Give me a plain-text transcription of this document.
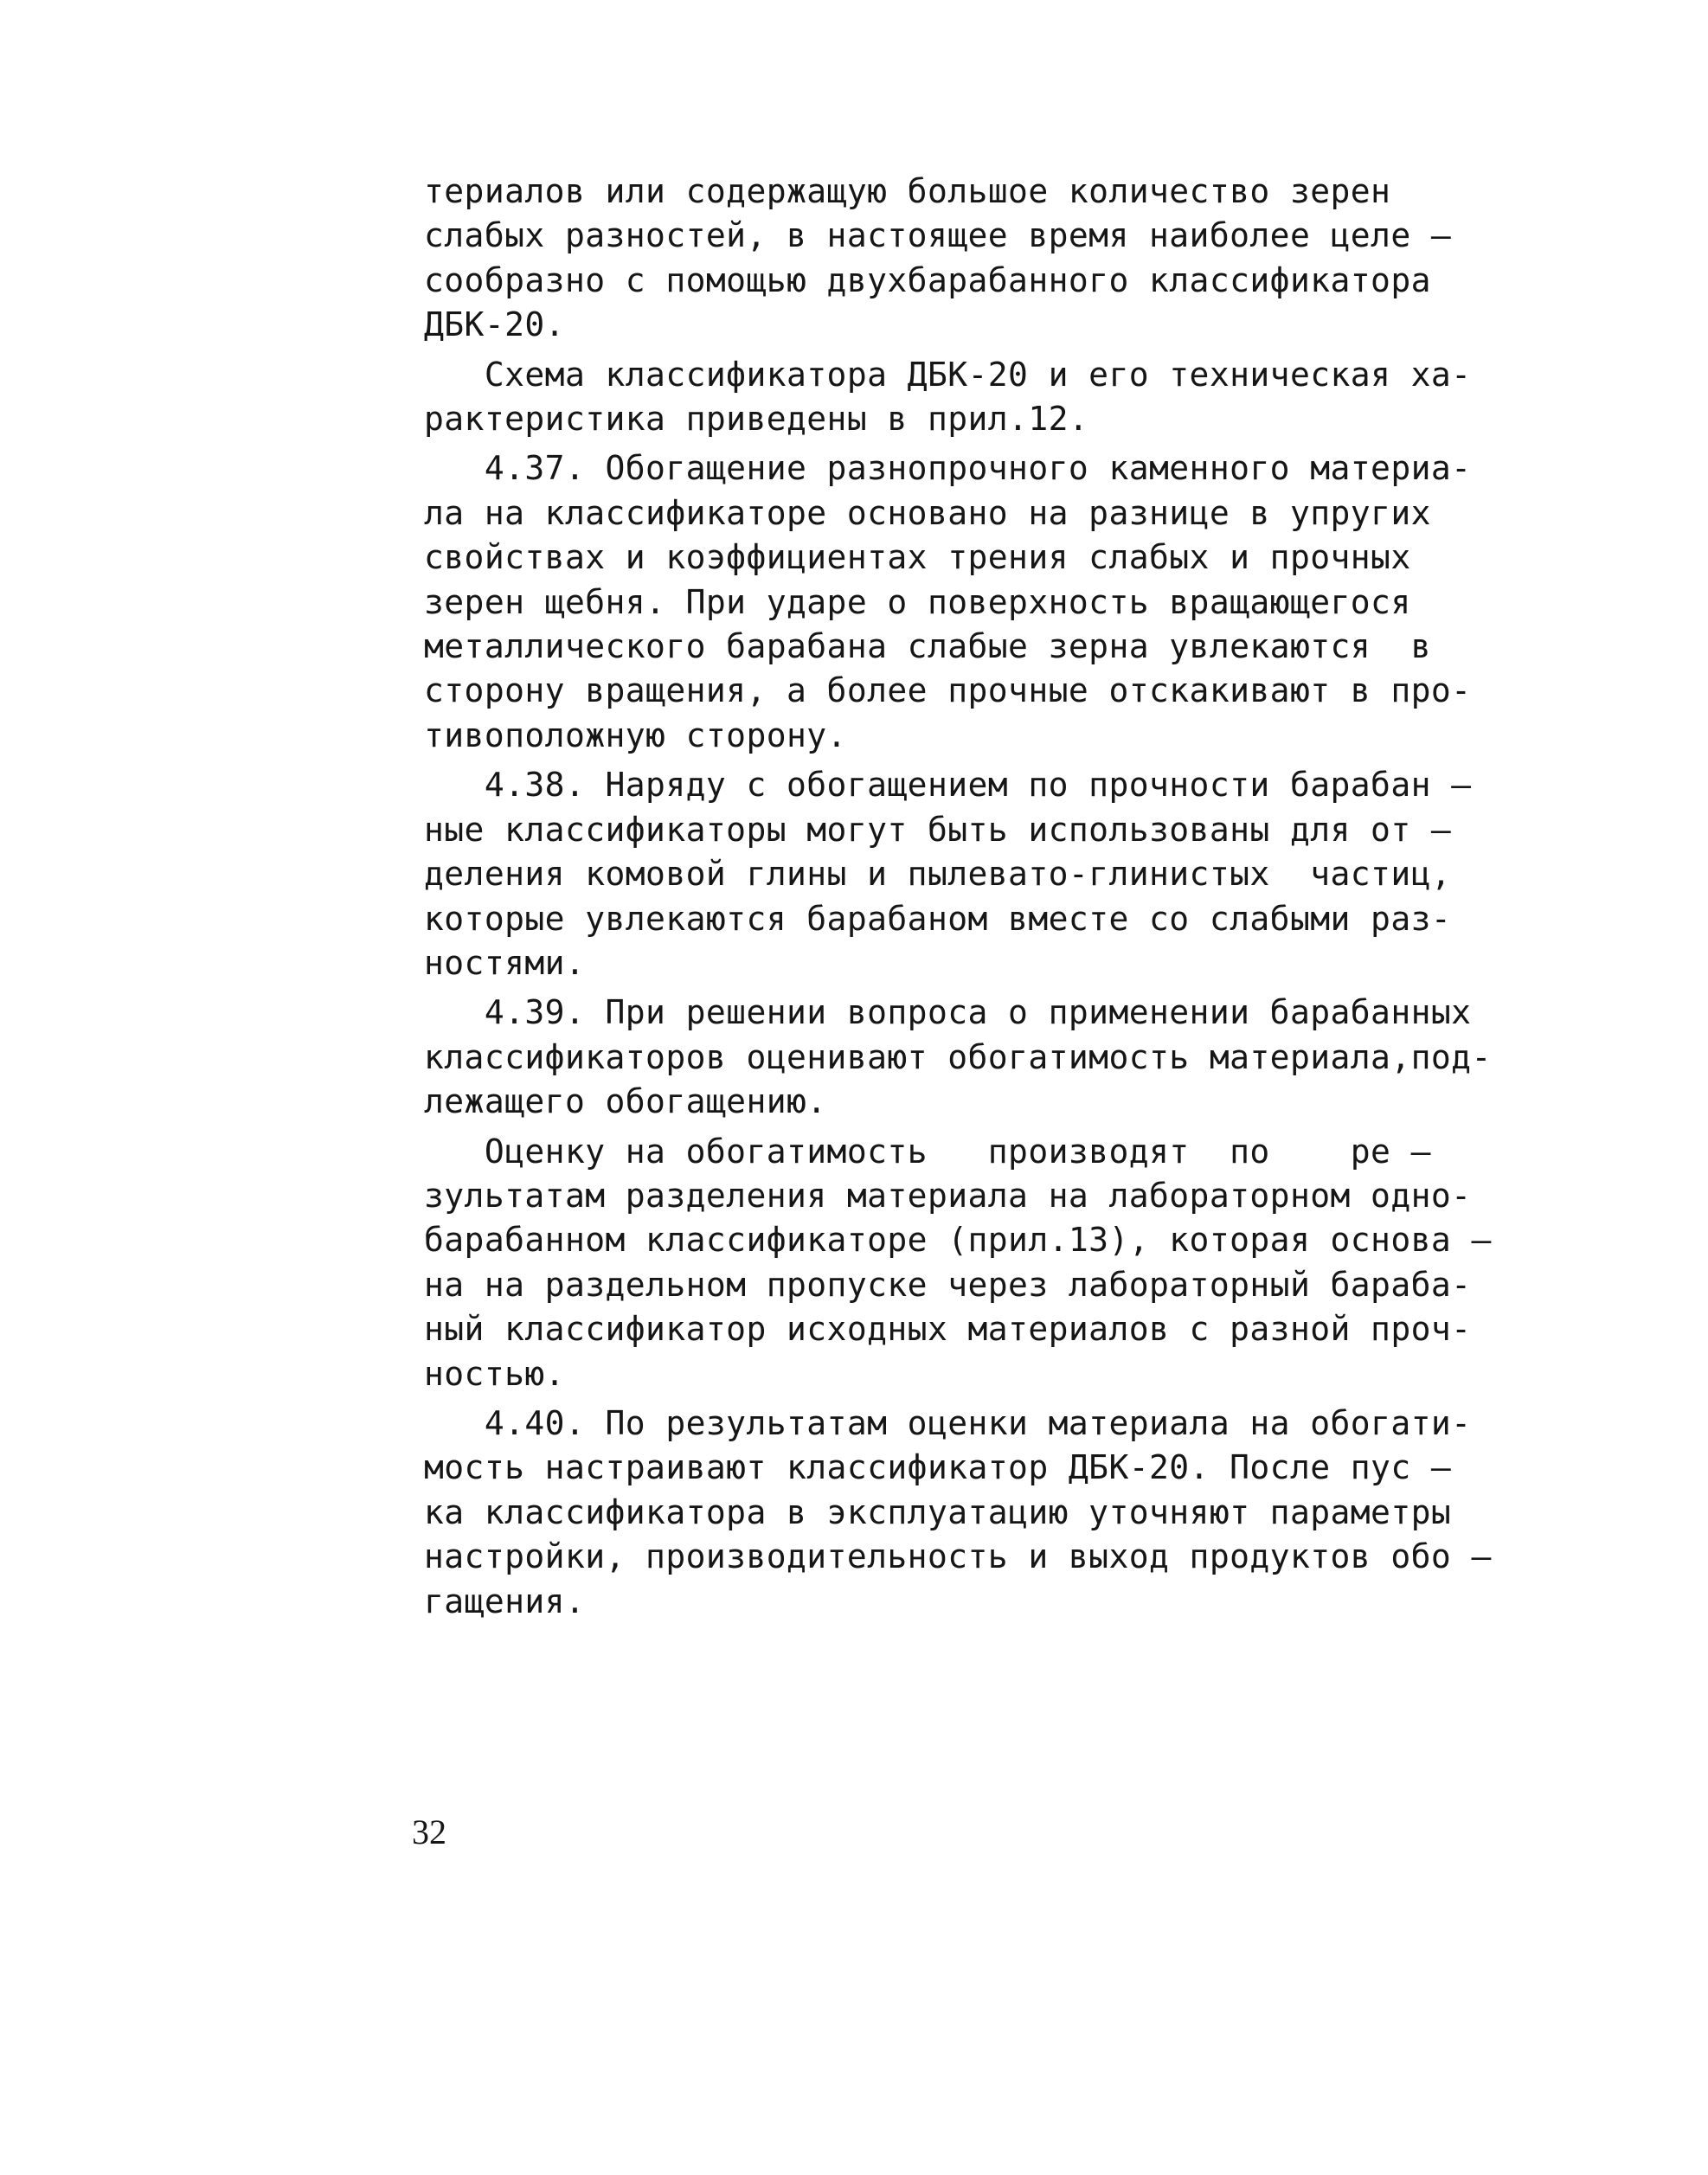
териалов или содержащую большое количество зерен
слабых разностей, в настоящее время наиболее целе –
сообразно с помощью двухбарабанного классификатора
ДБК-20.
Схема классификатора ДБК-20 и его техническая ха-
рактеристика приведены в прил.12.
4.37. Обогащение разнопрочного каменного материа-
ла на классификаторе основано на разнице в упругих
свойствах и коэффициентах трения слабых и прочных
зерен щебня. При ударе о поверхность вращающегося
металлического барабана слабые зерна увлекаются  в
сторону вращения, а более прочные отскакивают в про-
тивоположную сторону.
4.38. Наряду с обогащением по прочности барабан –
ные классификаторы могут быть использованы для от –
деления комовой глины и пылевато-глинистых  частиц,
которые увлекаются барабаном вместе со слабыми раз-
ностями.
4.39. При решении вопроса о применении барабанных
классификаторов оценивают обогатимость материала,под-
лежащего обогащению.
Оценку на обогатимость   производят  по    ре –
зультатам разделения материала на лабораторном одно-
барабанном классификаторе (прил.13), которая основа –
на на раздельном пропуске через лабораторный бараба-
ный классификатор исходных материалов с разной проч-
ностью.
4.40. По результатам оценки материала на обогати-
мость настраивают классификатор ДБК-20. После пус –
ка классификатора в эксплуатацию уточняют параметры
настройки, производительность и выход продуктов обо –
гащения.
32
